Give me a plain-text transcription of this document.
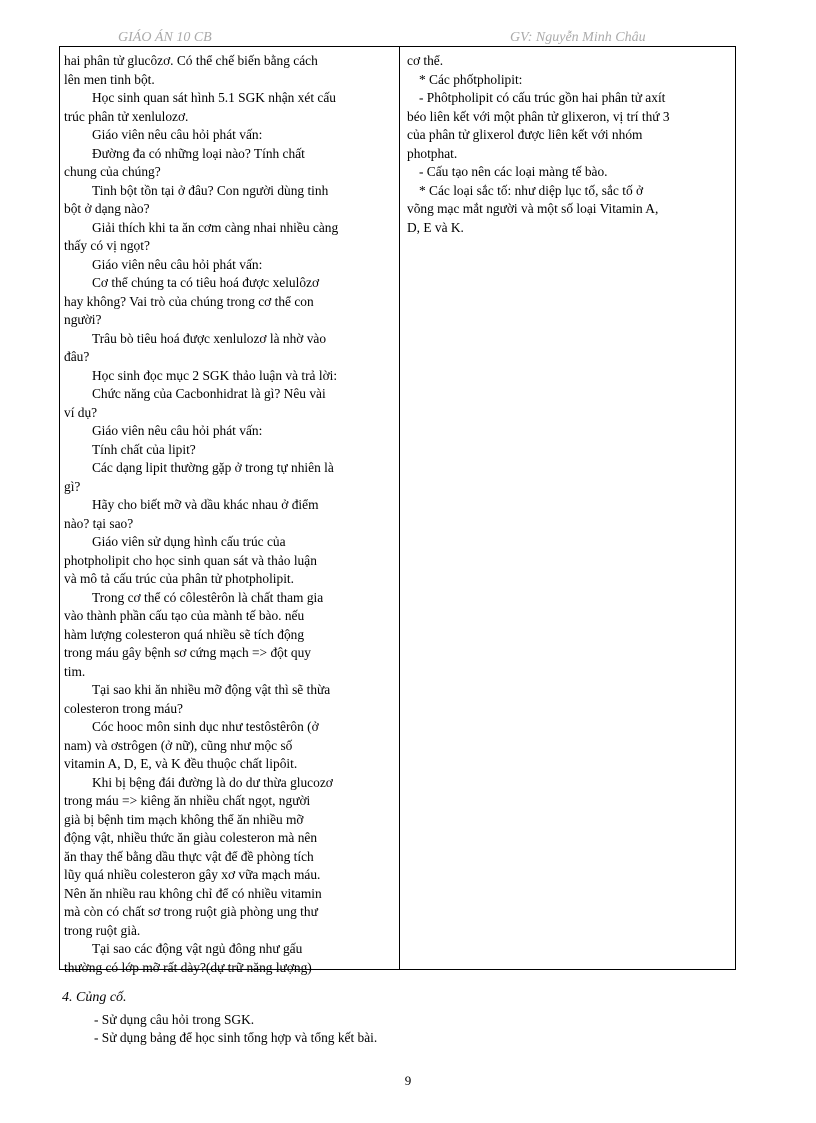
GIÁO ÁN 10 CB	GV: Nguyễn Minh Châu
hai phân tử glucôzơ. Có thể chế biến bằng cách
lên men tinh bột.
Học sinh quan sát hình 5.1 SGK nhận xét cấu
trúc phân tử xenlulozơ.
Giáo viên nêu câu hỏi phát vấn:
Đường đa có những loại nào? Tính chất
chung của chúng?
Tinh bột tồn tại ở đâu? Con người dùng tinh
bột ở dạng nào?
Giải thích khi ta ăn cơm càng nhai nhiều càng
thấy có vị ngọt?
Giáo viên nêu câu hỏi phát vấn:
Cơ thể chúng ta có tiêu hoá được xelulôzơ
hay không? Vai trò của chúng trong cơ thể con
người?
Trâu bò tiêu hoá được xenlulozơ là nhờ vào
đâu?
Học sinh đọc mục 2 SGK thảo luận và trả lời:
Chức năng của Cacbonhidrat là gì? Nêu vài
ví dụ?
Giáo viên nêu câu hỏi phát vấn:
Tính chất của lipit?
Các dạng lipit thường gặp ở trong tự nhiên là
gì?
Hãy cho biết mỡ và dầu khác nhau ở điểm
nào? tại sao?
Giáo viên sử dụng hình cấu trúc của
photpholipit cho học sinh quan sát và thảo luận
và mô tả cấu trúc của phân tử photpholipit.
Trong cơ thể có côlestêrôn là chất tham gia
vào thành phần cấu tạo của mành tế bào. nếu
hàm lượng colesteron quá nhiều sẽ tích động
trong máu gây bệnh sơ cứng mạch => đột quy
tim.
Tại sao khi ăn nhiều mỡ động vật thì sẽ thừa
colesteron trong máu?
Cóc hooc môn sinh dục như testôstêrôn (ở
nam) và ơstrôgen (ở nữ), cũng như mộc số
vitamin A, D, E, và K đều thuộc chất lipôit.
Khi bị bệng đái đường là do dư thừa glucozơ
trong máu => kiêng ăn nhiều chất ngọt, người
già bị bệnh tim mạch không thể ăn nhiều mỡ
động vật, nhiều thức ăn giàu colesteron mà nên
ăn thay thế bằng dầu thực vật để đề phòng tích
lũy quá nhiều colesteron gây xơ vữa mạch máu.
Nên ăn nhiều rau không chỉ để có nhiều vitamin
mà còn có chất sơ trong ruột già phòng ung thư
trong ruột già.
Tại sao các động vật ngủ đông như gấu
thường có lớp mỡ rất dày?(dự trữ năng lượng)
cơ thể.
* Các phốtpholipit:
- Phôtpholipit có cấu trúc gồn hai phân tử axít
béo liên kết với một phân tử glixeron, vị trí thứ 3
của phân tử glixerol được liên kết với nhóm
photphat.
- Cấu tạo nên các loại màng tế bào.
* Các loại sắc tố: như diệp lục tố, sắc tố ở
võng mạc mắt người và một số loại Vitamin A,
D, E và K.
4. Củng cố.
- Sử dụng câu hỏi trong SGK.
- Sử dụng bảng để học sinh tổng hợp và tổng kết bài.
9
